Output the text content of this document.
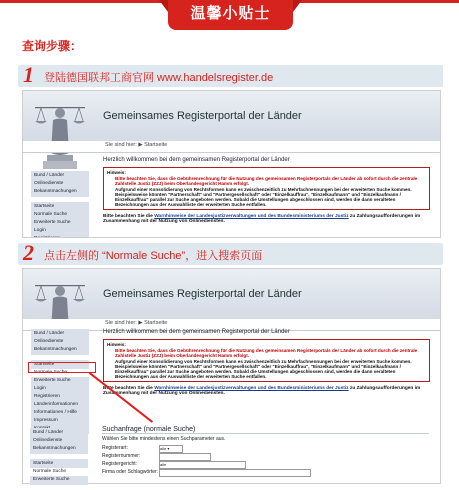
温馨小贴士
查询步骤：
1 登陆德国联邦工商官网 www.handelsregister.de
Gemeinsames Registerportal der Länder
Sie sind hier: ▶ Startseite
Bund / Länder
Onlinedienste
Bekanntmachungen
Startseite
Normale Suche
Erweiterte Suche
Login
Herzlich willkommen bei dem gemeinsamen Registerportal der Länder
Hinweis:
Bitte beachten Sie, dass die Gebührenrechnung für die Nutzung des gemeinsamen Registerportals der Länder ab sofort durch die zentrale Zahlstelle Justiz (ZZJ) beim Oberlandesgericht Hamm erfolgt.
Aufgrund einer Konsolidierung von Rechtsformen kann es zwischenzeitlich zu Mehrfachnennungen bei der erweiterten Suche kommen. Beispielsweise könnten "Partnerschaft" und "Partnergesellschaft" oder "Einzelkauffrau", "Einzelkaufmann" und "Einzelkaufmann / Einzelkauffrau" parallel zur Suche angeboten werden. Sobald die Umstellungen abgeschlossen sind, werden die dann veralteten Bezeichnungen aus der Auswahlliste der erweiterten Suche entfallen.
Bitte beachten Sie die Warnhinweise der Landesjustizverwaltungen und des Bundesministeriums der Justiz zu Zahlungsaufforderungen im Zusammenhang mit der Nutzung von Onlinediensten.
2 点击左侧的 “Normale Suche”，进入搜索页面
Gemeinsames Registerportal der Länder
Sie sind hier: ▶ Startseite
Bund / Länder
Onlinedienste
Bekanntmachungen
Startseite
Normale Suche
Erweiterte Suche
Login
Registrieren
Länderinformationen
Informationen / Hilfe
Impressum
Herzlich willkommen bei dem gemeinsamen Registerportal der Länder
Hinweis:
Bitte beachten Sie, dass die Gebührenrechnung für die Nutzung des gemeinsamen Registerportals der Länder ab sofort durch die zentrale Zahlstelle Justiz (ZZJ) beim Oberlandesgericht Hamm erfolgt.
Aufgrund einer Konsolidierung von Rechtsformen kann es zwischenzeitlich zu Mehrfachnennungen bei der erweiterten Suche kommen. Beispielsweise könnten "Partnerschaft" und "Partnergesellschaft" oder "Einzelkauffrau", "Einzelkaufmann" und "Einzelkaufmann / Einzelkauffrau" parallel zur Suche angeboten werden. Sobald die Umstellungen abgeschlossen sind, werden die dann veralteten Bezeichnungen aus der Auswahlliste der erweiterten Suche entfallen.
Bitte beachten Sie die Warnhinweise der Landesjustizverwaltungen und des Bundesministeriums der Justiz zu Zahlungsaufforderungen im Zusammenhang mit der Nutzung von Onlinediensten.
Bund / Länder
Onlinedienste
Bekanntmachungen
Startseite
Normale Suche
Erweiterte Suche
Suchanfrage (normale Suche)
Wählen Sie bitte mindestens einen Suchparameter aus.
Registerart:	alle ▾
Registernummer:
Registergericht:	alle
Firma oder Schlagwörter:
